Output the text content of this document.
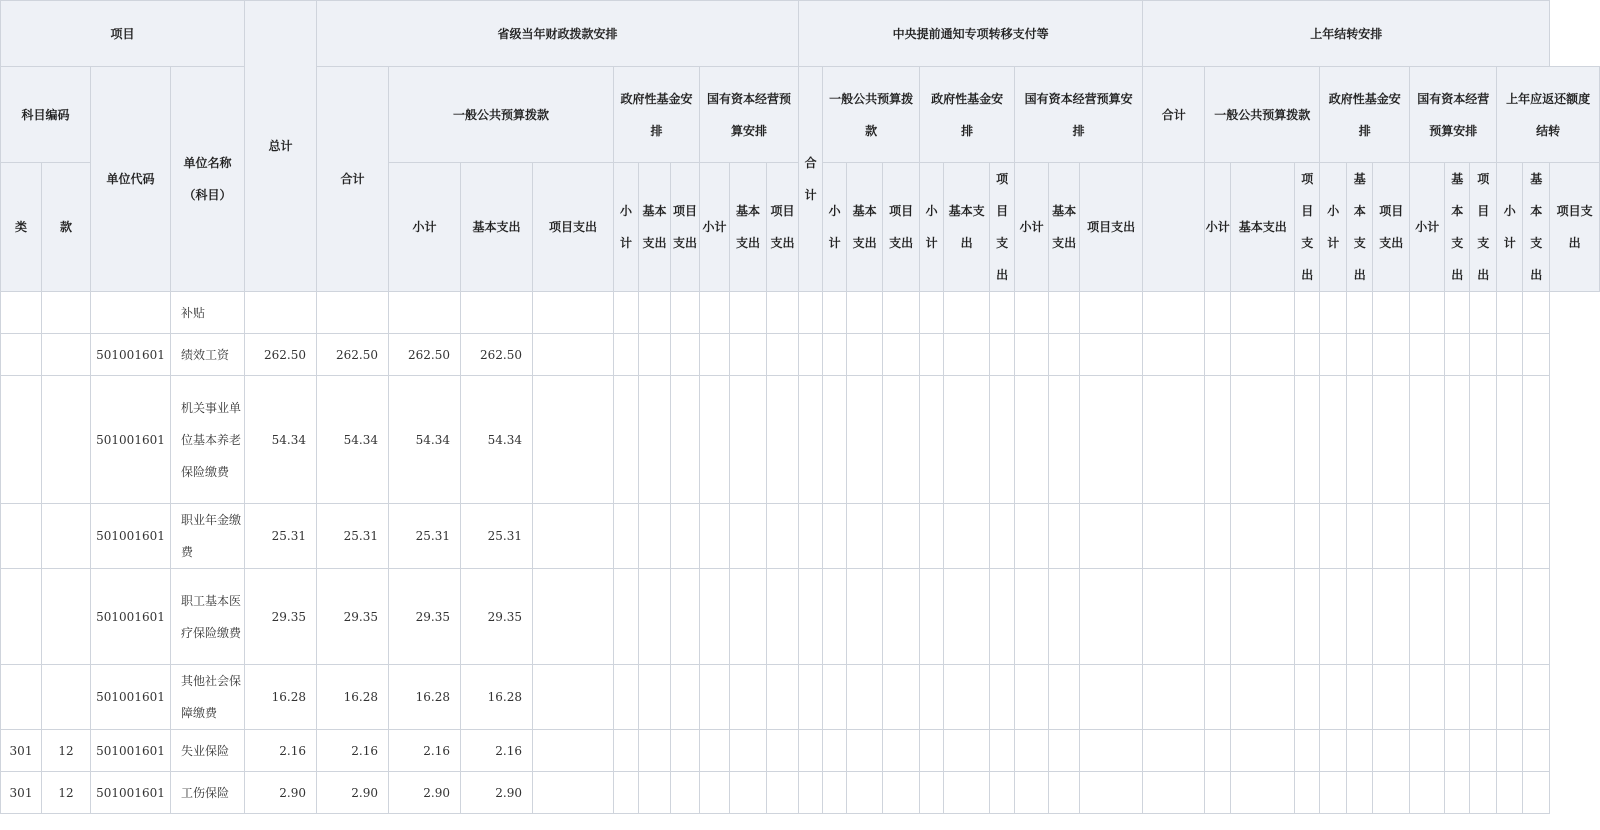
项目				总计	省级当年财政拨款安排										中央提前通知专项转移支付等										上年结转安排												
科目编码		单位代码	单位名称（科目）		合计	一般公共预算拨款			政府性基金安排			国有资本经营预算安排			合计	一般公共预算拨款			政府性基金安排			国有资本经营预算安排			合计	一般公共预算拨款			政府性基金安排			国有资本经营预算安排			上年应返还额度结转		
类	款					小计	基本支出	项目支出	小计	基本支出	项目支出	小计	基本支出	项目支出		小计	基本支出	项目支出	小计	基本支出	项目支出	小计	基本支出	项目支出		小计	基本支出	项目支出	小计	基本支出	项目支出	小计	基本支出	项目支出	小计	基本支出	项目支出
			补贴																																		
		501001601	绩效工资	262.50	262.50	262.50	262.50																														
		501001601	机关事业单位基本养老保险缴费	54.34	54.34	54.34	54.34																														
		501001601	职业年金缴费	25.31	25.31	25.31	25.31																														
		501001601	职工基本医疗保险缴费	29.35	29.35	29.35	29.35																														
		501001601	其他社会保障缴费	16.28	16.28	16.28	16.28																														
301	12	501001601	失业保险	2.16	2.16	2.16	2.16																														
301	12	501001601	工伤保险	2.90	2.90	2.90	2.90																														
